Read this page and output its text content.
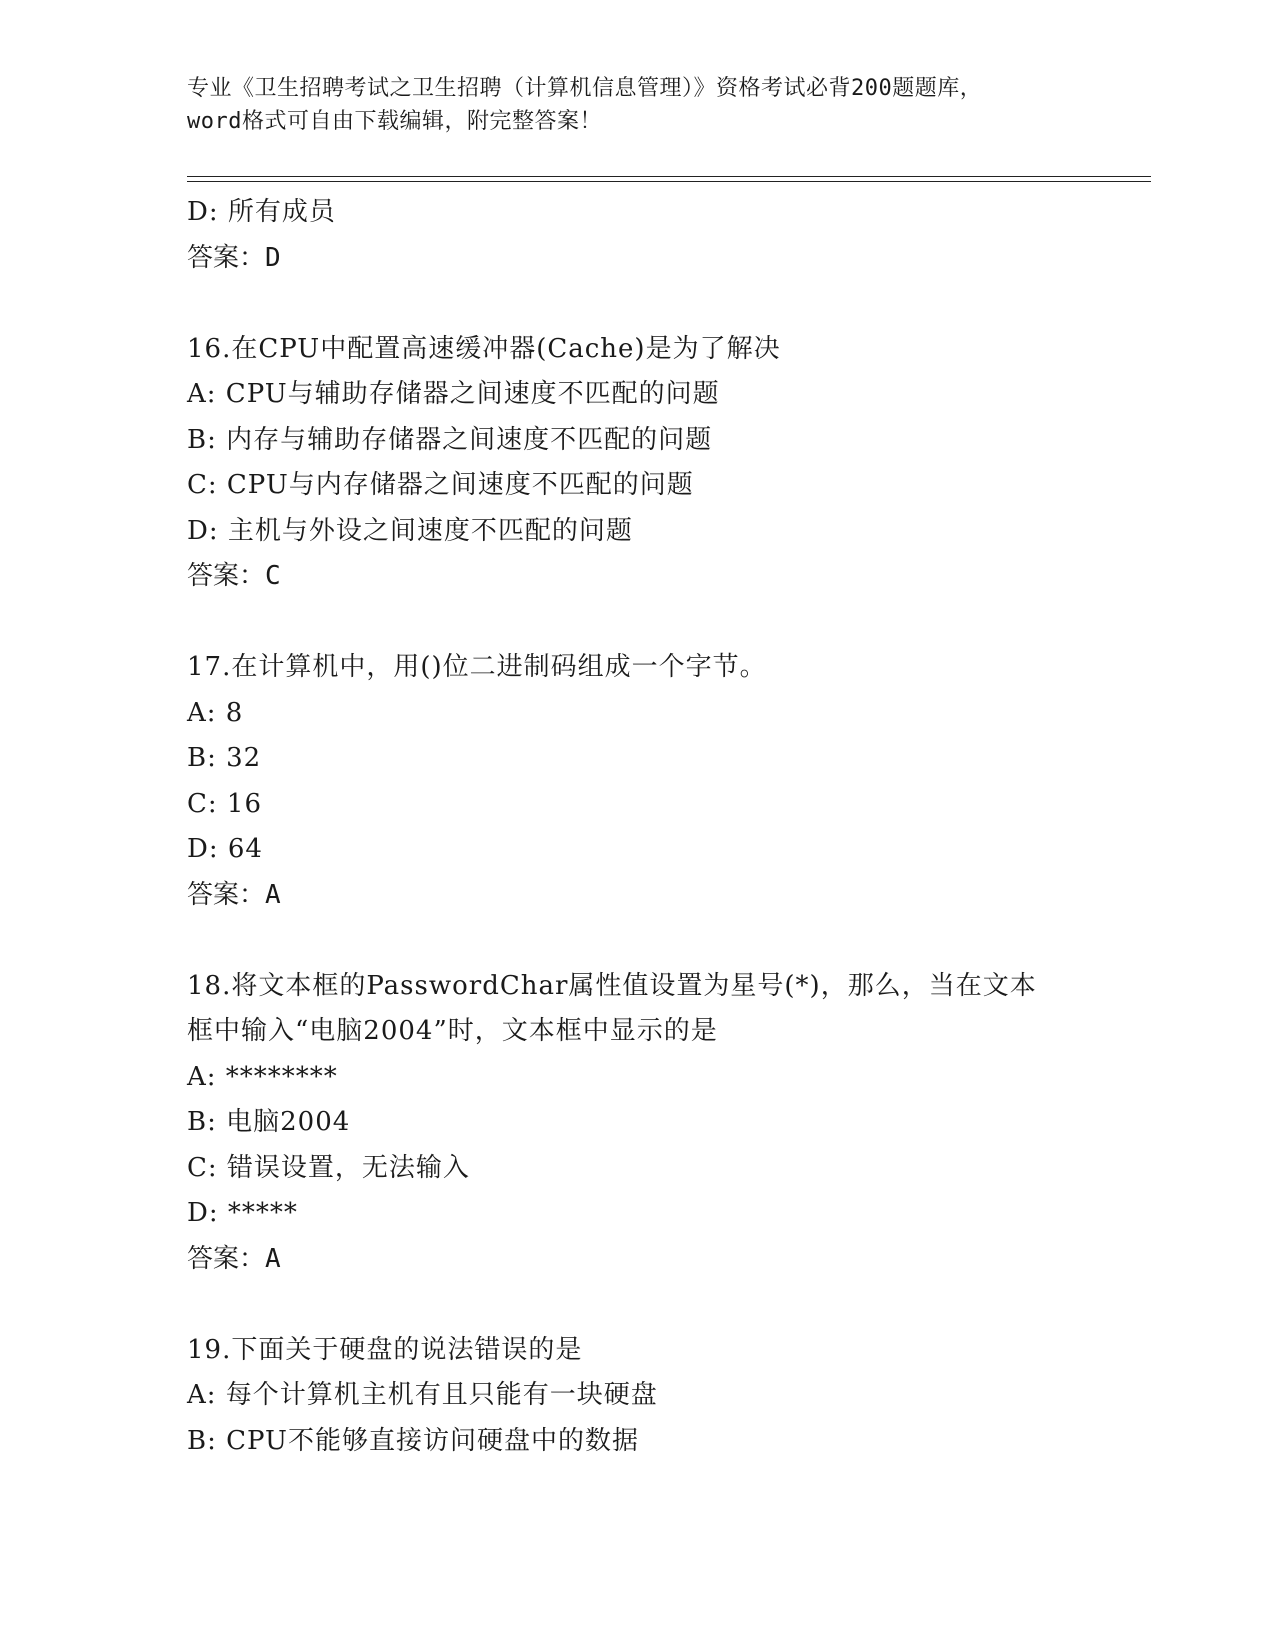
专业《卫生招聘考试之卫生招聘（计算机信息管理）》资格考试必背200题题库，
word格式可自由下载编辑，附完整答案！
D: 所有成员
答案：D
16.在CPU中配置高速缓冲器(Cache)是为了解决
A: CPU与辅助存储器之间速度不匹配的问题
B: 内存与辅助存储器之间速度不匹配的问题
C: CPU与内存储器之间速度不匹配的问题
D: 主机与外设之间速度不匹配的问题
答案：C
17.在计算机中，用()位二进制码组成一个字节。
A: 8
B: 32
C: 16
D: 64
答案：A
18.将文本框的PasswordChar属性值设置为星号(*)，那么，当在文本
框中输入“电脑2004”时，文本框中显示的是
A: ********
B: 电脑2004
C: 错误设置，无法输入
D: *****
答案：A
19.下面关于硬盘的说法错误的是
A: 每个计算机主机有且只能有一块硬盘
B: CPU不能够直接访问硬盘中的数据
